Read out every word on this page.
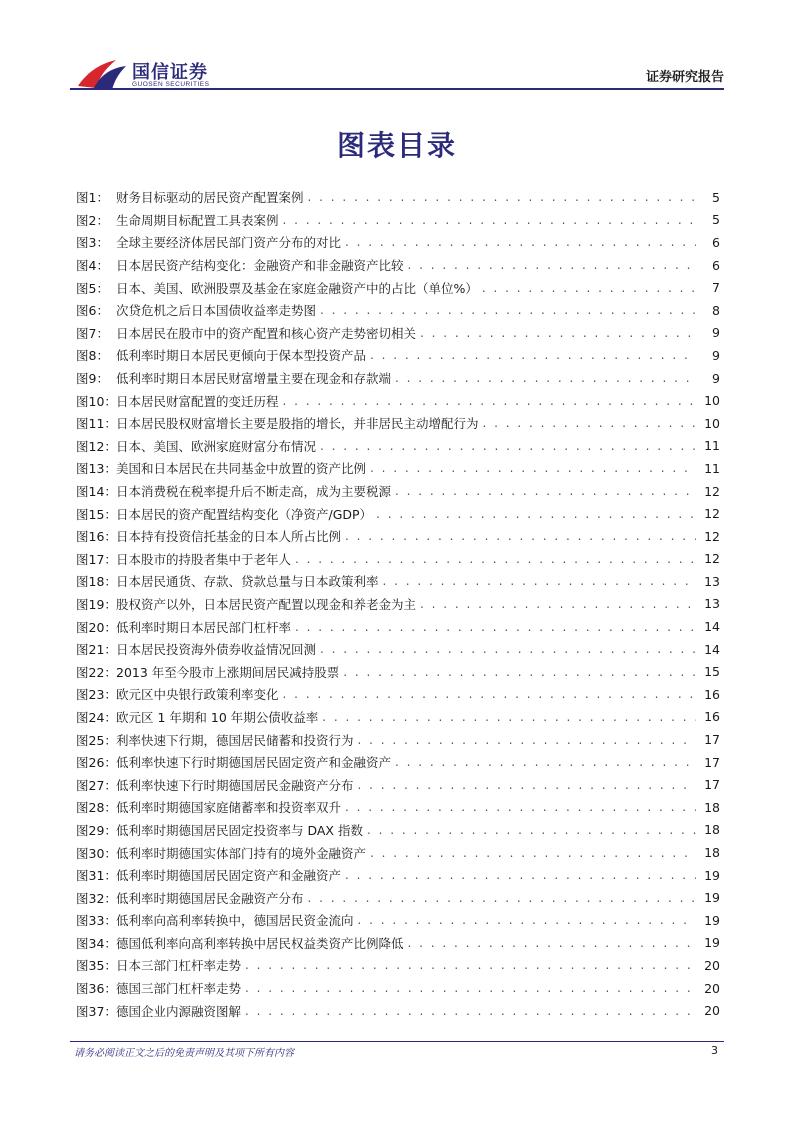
国信证券
GUOSEN SECURITIES	证券研究报告
图表目录
图1： 财务目标驱动的居民资产配置案例 . . .	5
图2： 生命周期目标配置工具表案例 . . .	5
图3： 全球主要经济体居民部门资产分布的对比 . . .	6
图4： 日本居民资产结构变化：金融资产和非金融资产比较 . . .	6
图5： 日本、美国、欧洲股票及基金在家庭金融资产中的占比（单位%） . . .	7
图6： 次贷危机之后日本国债收益率走势图 . . .	8
图7： 日本居民在股市中的资产配置和核心资产走势密切相关 . . .	9
图8： 低利率时期日本居民更倾向于保本型投资产品 . . .	9
图9： 低利率时期日本居民财富增量主要在现金和存款端 . . .	9
图10： 日本居民财富配置的变迁历程 . . .	10
图11： 日本居民股权财富增长主要是股指的增长，并非居民主动增配行为 . . .	10
图12： 日本、美国、欧洲家庭财富分布情况 . . .	11
图13： 美国和日本居民在共同基金中放置的资产比例 . . .	11
图14： 日本消费税在税率提升后不断走高，成为主要税源 . . .	12
图15： 日本居民的资产配置结构变化（净资产/GDP） . . .	12
图16： 日本持有投资信托基金的日本人所占比例 . . .	12
图17： 日本股市的持股者集中于老年人 . . .	12
图18： 日本居民通货、存款、贷款总量与日本政策利率 . . .	13
图19： 股权资产以外，日本居民资产配置以现金和养老金为主 . . .	13
图20： 低利率时期日本居民部门杠杆率 . . .	14
图21： 日本居民投资海外债券收益情况回测 . . .	14
图22： 2013 年至今股市上涨期间居民减持股票 . . .	15
图23： 欧元区中央银行政策利率变化 . . .	16
图24： 欧元区 1 年期和 10 年期公债收益率 . . .	16
图25： 利率快速下行期，德国居民储蓄和投资行为 . . .	17
图26： 低利率快速下行时期德国居民固定资产和金融资产 . . .	17
图27： 低利率快速下行时期德国居民金融资产分布 . . .	17
图28： 低利率时期德国家庭储蓄率和投资率双升 . . .	18
图29： 低利率时期德国居民固定投资率与 DAX 指数 . . .	18
图30： 低利率时期德国实体部门持有的境外金融资产 . . .	18
图31： 低利率时期德国居民固定资产和金融资产 . . .	19
图32： 低利率时期德国居民金融资产分布 . . .	19
图33： 低利率向高利率转换中，德国居民资金流向 . . .	19
图34： 德国低利率向高利率转换中居民权益类资产比例降低 . . .	19
图35： 日本三部门杠杆率走势 . . .	20
图36： 德国三部门杠杆率走势 . . .	20
图37： 德国企业内源融资图解 . . .	20
请务必阅读正文之后的免责声明及其项下所有内容	3
